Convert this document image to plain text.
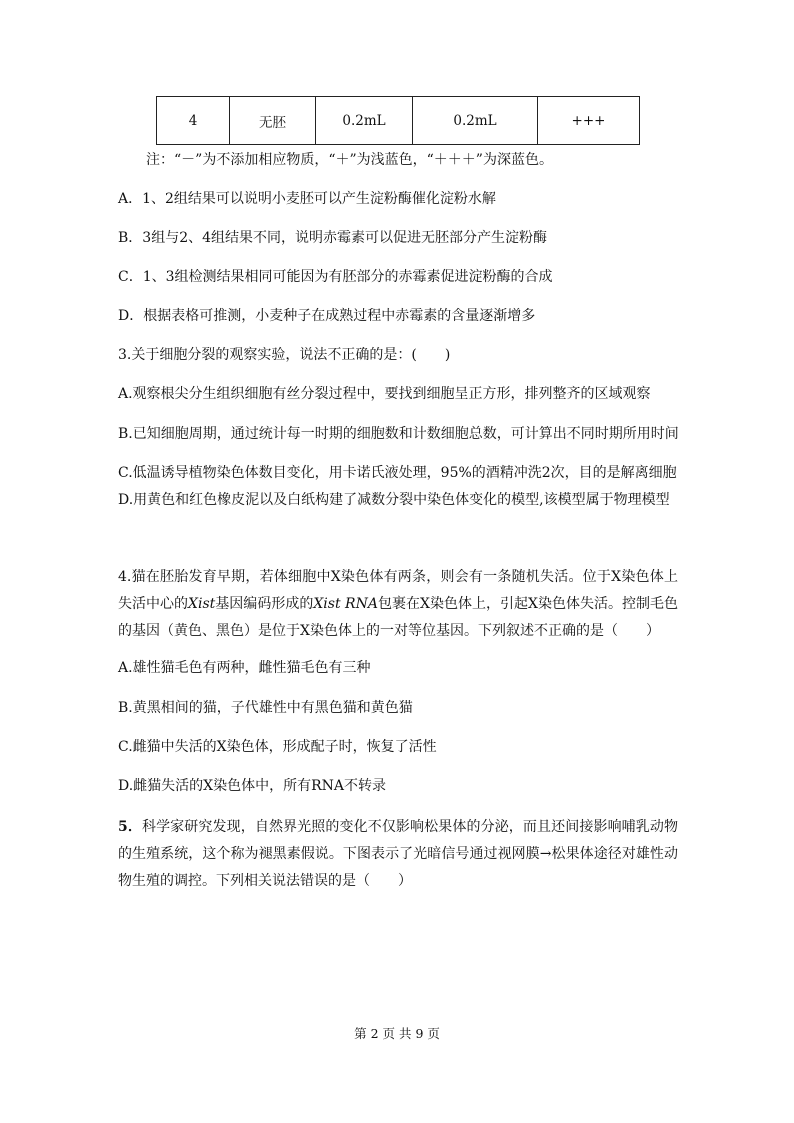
4	无胚	0.2mL	0.2mL	+++
注：“－”为不添加相应物质，“＋”为浅蓝色，“＋＋＋”为深蓝色。
A．1、2组结果可以说明小麦胚可以产生淀粉酶催化淀粉水解
B．3组与2、4组结果不同，说明赤霉素可以促进无胚部分产生淀粉酶
C．1、3组检测结果相同可能因为有胚部分的赤霉素促进淀粉酶的合成
D．根据表格可推测，小麦种子在成熟过程中赤霉素的含量逐渐增多
3.关于细胞分裂的观察实验，说法不正确的是：(　　)
A.观察根尖分生组织细胞有丝分裂过程中，要找到细胞呈正方形，排列整齐的区域观察
B.已知细胞周期，通过统计每一时期的细胞数和计数细胞总数，可计算出不同时期所用时间
C.低温诱导植物染色体数目变化，用卡诺氏液处理，95%的酒精冲洗2次，目的是解离细胞
D.用黄色和红色橡皮泥以及白纸构建了减数分裂中染色体变化的模型,该模型属于物理模型
4.猫在胚胎发育早期，若体细胞中X染色体有两条，则会有一条随机失活。位于X染色体上失活中心的Xist基因编码形成的Xist RNA包裹在X染色体上，引起X染色体失活。控制毛色的基因（黄色、黑色）是位于X染色体上的一对等位基因。下列叙述不正确的是（　　）
A.雄性猫毛色有两种，雌性猫毛色有三种
B.黄黑相间的猫，子代雄性中有黑色猫和黄色猫
C.雌猫中失活的X染色体，形成配子时，恢复了活性
D.雌猫失活的X染色体中，所有RNA不转录
5．科学家研究发现，自然界光照的变化不仅影响松果体的分泌，而且还间接影响哺乳动物的生殖系统，这个称为褪黑素假说。下图表示了光暗信号通过视网膜→松果体途径对雄性动物生殖的调控。下列相关说法错误的是（　　）
第 2 页 共 9 页
